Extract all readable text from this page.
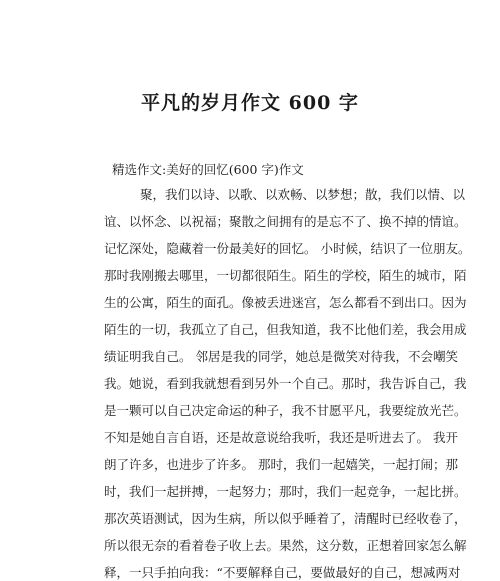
平凡的岁月作文 600 字
精选作文:美好的回忆(600 字)作文
聚，我们以诗、以歌、以欢畅、以梦想；散，我们以情、以
谊、以怀念、以祝福；聚散之间拥有的是忘不了、换不掉的情谊。
记忆深处，隐藏着一份最美好的回忆。 小时候，结识了一位朋友。
那时我刚搬去哪里，一切都很陌生。陌生的学校，陌生的城市，陌
生的公寓，陌生的面孔。像被丢进迷宫，怎么都看不到出口。因为
陌生的一切，我孤立了自己，但我知道，我不比他们差，我会用成
绩证明我自己。 邻居是我的同学，她总是微笑对待我，不会嘲笑
我。她说，看到我就想看到另外一个自己。那时，我告诉自己，我
是一颗可以自己决定命运的种子，我不甘愿平凡，我要绽放光芒。
不知是她自言自语，还是故意说给我听，我还是听进去了。 我开
朗了许多，也进步了许多。 那时，我们一起嬉笑，一起打闹；那
时，我们一起拼搏，一起努力；那时，我们一起竞争，一起比拼。
那次英语测试，因为生病，所以似乎睡着了，清醒时已经收卷了，
所以很无奈的看着卷子收上去。果然，这分数，正想着回家怎么解
释，一只手拍向我：“不要解释自己，要做最好的自己，想减两对
